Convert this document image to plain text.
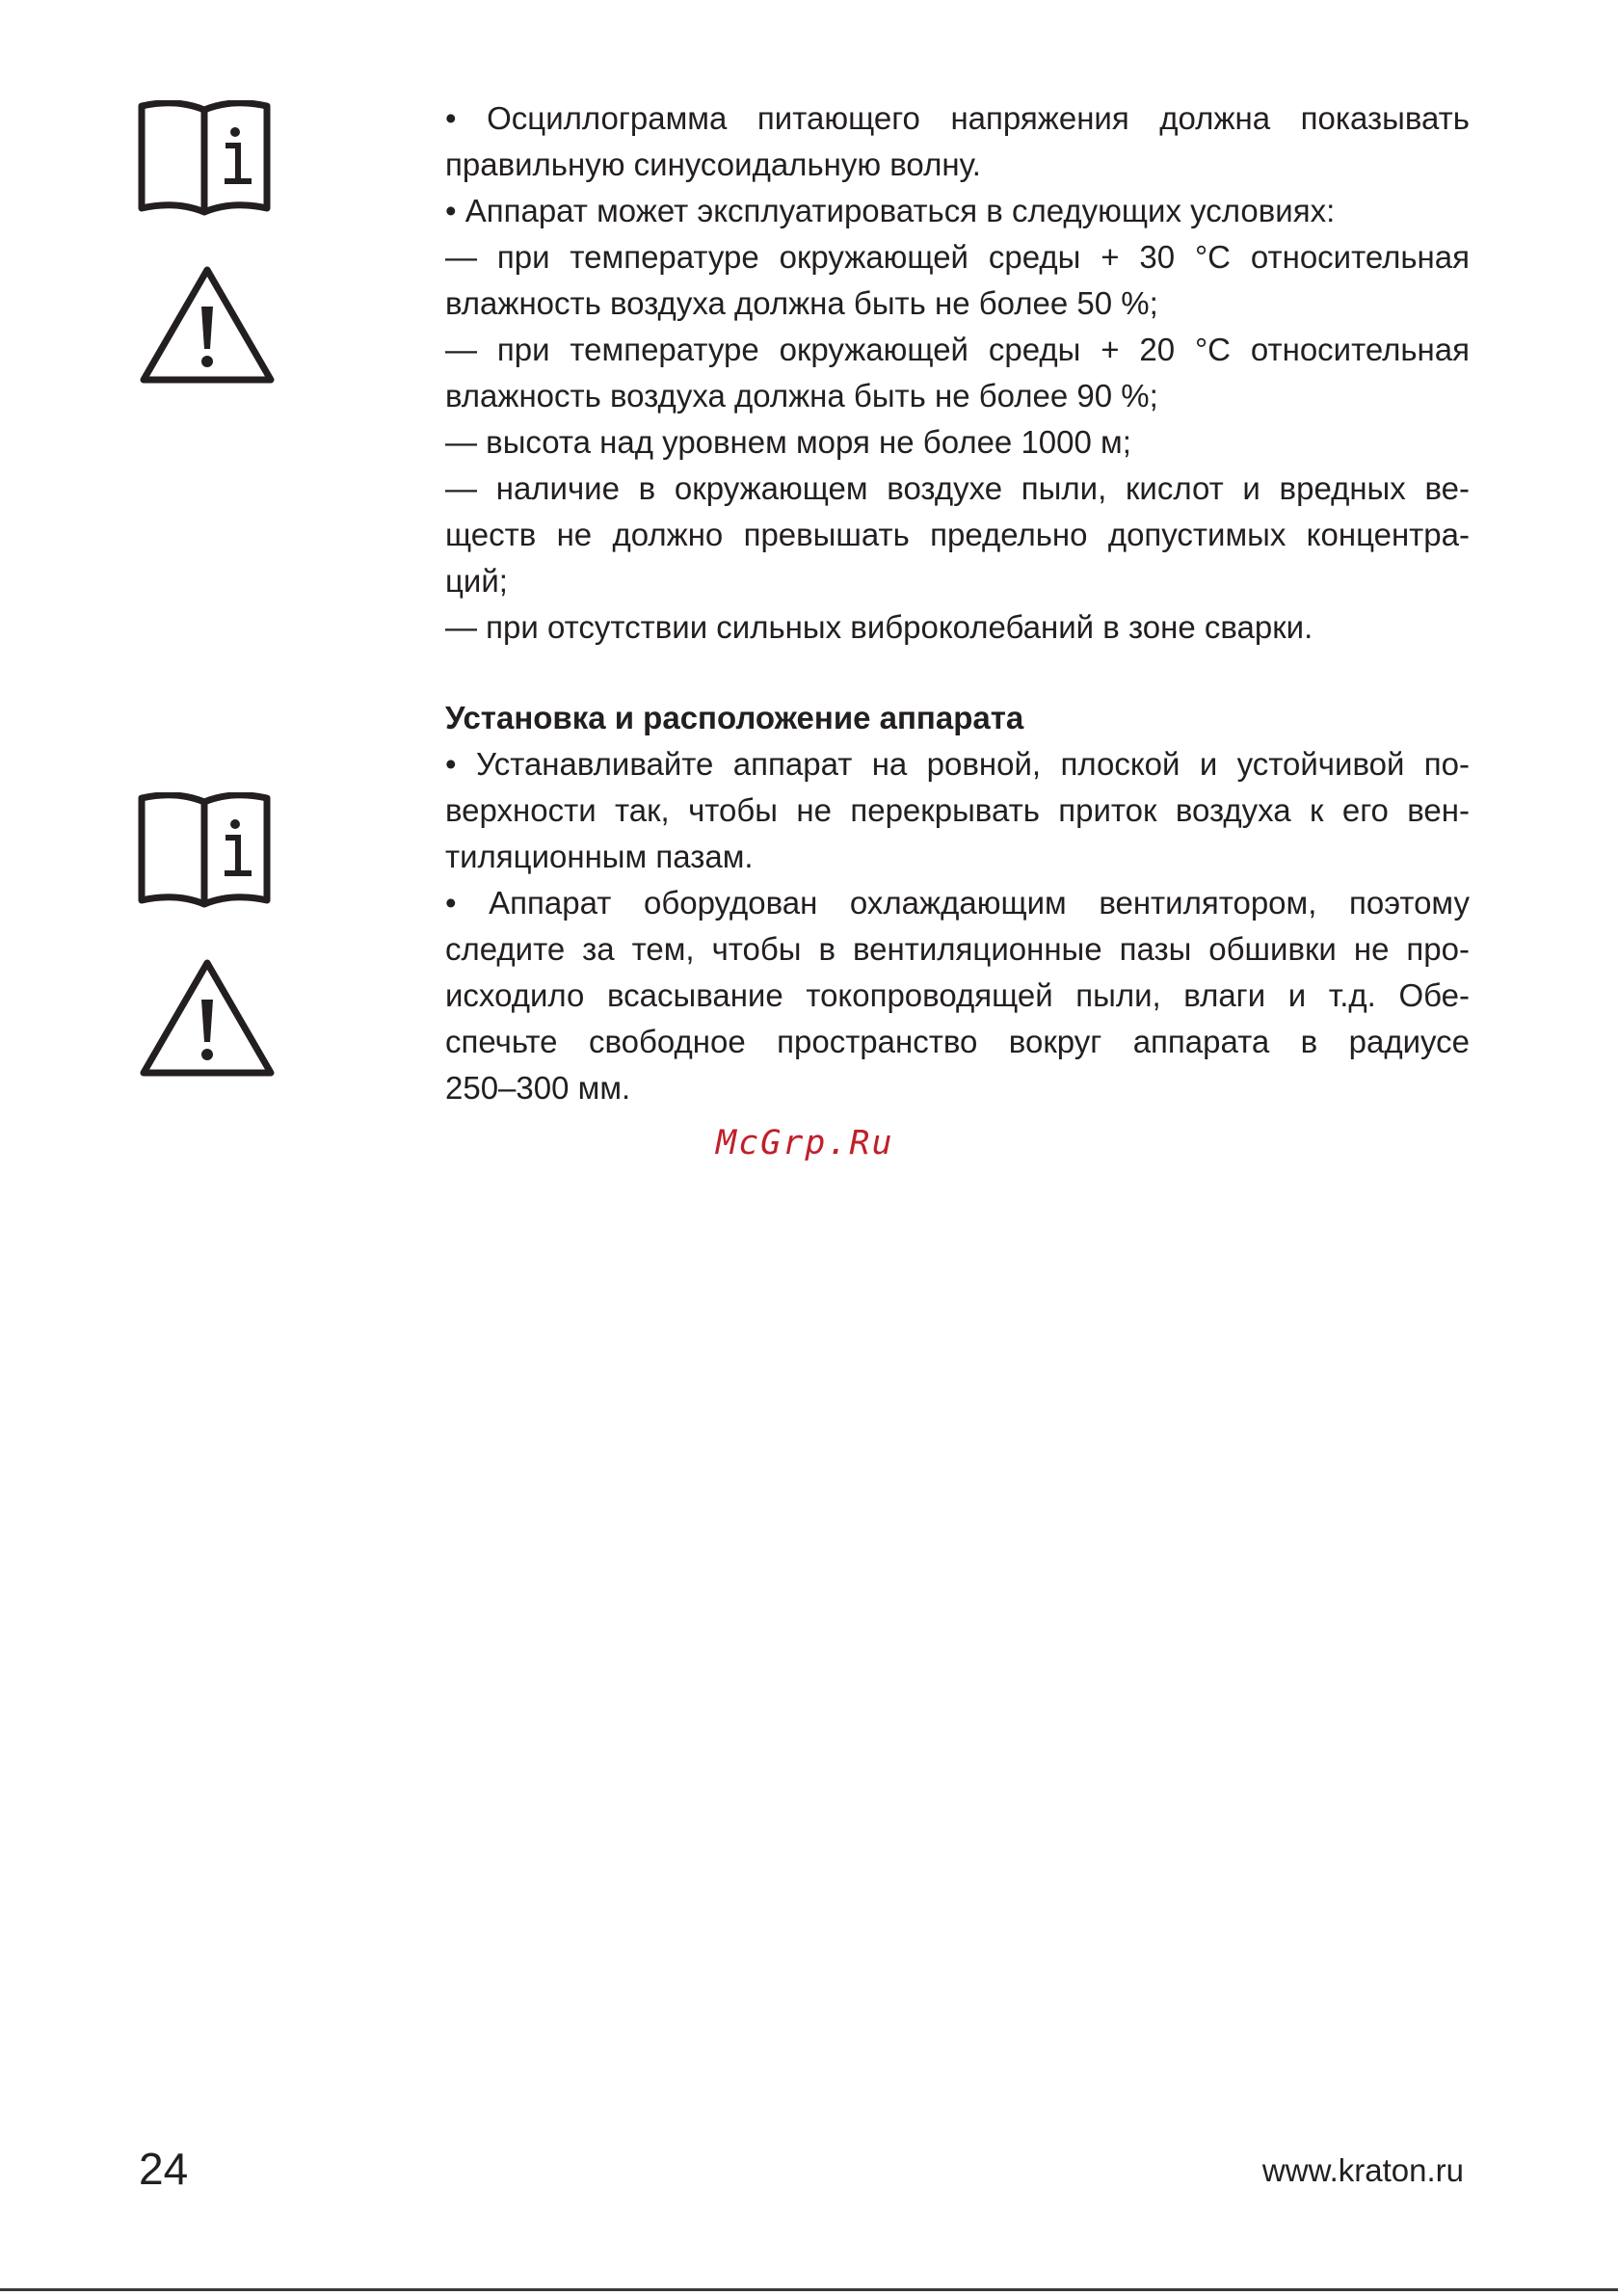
• Осциллограмма питающего напряжения должна показывать
правильную синусоидальную волну.
• Аппарат может эксплуатироваться в следующих условиях:
— при температуре окружающей среды + 30 °С относительная
влажность воздуха должна быть не более 50 %;
— при температуре окружающей среды + 20 °С относительная
влажность воздуха должна быть не более 90 %;
— высота над уровнем моря не более 1000 м;
— наличие в окружающем воздухе пыли, кислот и вредных ве-
ществ не должно превышать предельно допустимых концентра-
ций;
— при отсутствии сильных виброколебаний в зоне сварки.
Установка и расположение аппарата
• Устанавливайте аппарат на ровной, плоской и устойчивой по-
верхности так, чтобы не перекрывать приток воздуха к его вен-
тиляционным пазам.
• Аппарат оборудован охлаждающим вентилятором, поэтому
следите за тем, чтобы в вентиляционные пазы обшивки не про-
исходило всасывание токопроводящей пыли, влаги и т.д. Обе-
спечьте свободное пространство вокруг аппарата в радиусе
250–300 мм.
McGrp.Ru
24	www.kraton.ru
